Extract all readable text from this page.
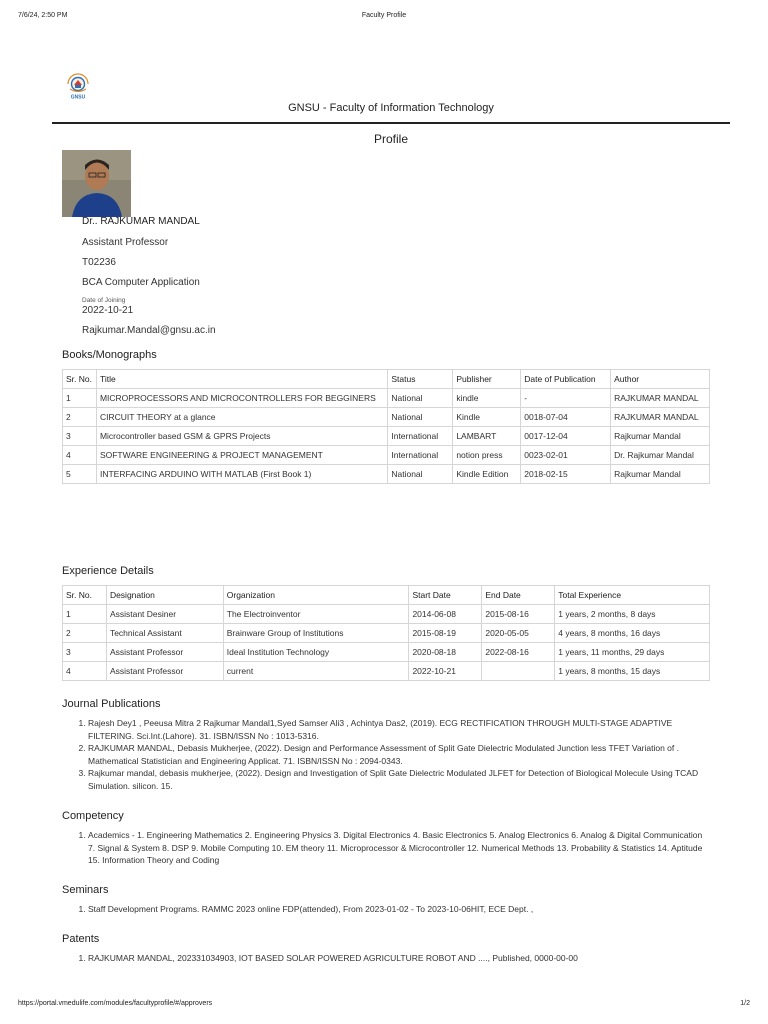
7/6/24, 2:50 PM	Faculty Profile
GNSU
GNSU - Faculty of Information Technology
Profile
Dr.. RAJKUMAR MANDAL
Assistant Professor
T02236
BCA Computer Application
Date of Joining
2022-10-21
Rajkumar.Mandal@gnsu.ac.in
Books/Monographs
Sr. No.	Title	Status	Publisher	Date of Publication	Author
1	MICROPROCESSORS AND MICROCONTROLLERS FOR BEGGINERS	National	kindle	-	RAJKUMAR MANDAL
2	CIRCUIT THEORY at a glance	National	Kindle	0018-07-04	RAJKUMAR MANDAL
3	Microcontroller based GSM & GPRS Projects	International	LAMBART	0017-12-04	Rajkumar Mandal
4	SOFTWARE ENGINEERING & PROJECT MANAGEMENT	International	notion press	0023-02-01	Dr. Rajkumar Mandal
5	INTERFACING ARDUINO WITH MATLAB (First Book 1)	National	Kindle Edition	2018-02-15	Rajkumar Mandal
Experience Details
Sr. No.	Designation	Organization	Start Date	End Date	Total Experience
1	Assistant Desiner	The Electroinventor	2014-06-08	2015-08-16	1 years, 2 months, 8 days
2	Technical Assistant	Brainware Group of Institutions	2015-08-19	2020-05-05	4 years, 8 months, 16 days
3	Assistant Professor	Ideal Institution Technology	2020-08-18	2022-08-16	1 years, 11 months, 29 days
4	Assistant Professor	current	2022-10-21		1 years, 8 months, 15 days
Journal Publications
1. Rajesh Dey1 , Peeusa Mitra 2 Rajkumar Mandal1,Syed Samser Ali3 , Achintya Das2, (2019). ECG RECTIFICATION THROUGH MULTI-STAGE ADAPTIVE FILTERING. Sci.Int.(Lahore). 31. ISBN/ISSN No : 1013-5316.
2. RAJKUMAR MANDAL, Debasis Mukherjee, (2022). Design and Performance Assessment of Split Gate Dielectric Modulated Junction less TFET Variation of . Mathematical Statistician and Engineering Applicat. 71. ISBN/ISSN No : 2094-0343.
3. Rajkumar mandal, debasis mukherjee, (2022). Design and Investigation of Split Gate Dielectric Modulated JLFET for Detection of Biological Molecule Using TCAD Simulation. silicon. 15.
Competency
1. Academics - 1. Engineering Mathematics 2. Engineering Physics 3. Digital Electronics 4. Basic Electronics 5. Analog Electronics 6. Analog & Digital Communication 7. Signal & System 8. DSP 9. Mobile Computing 10. EM theory 11. Microprocessor & Microcontroller 12. Numerical Methods 13. Probability & Statistics 14. Aptitude 15. Information Theory and Coding
Seminars
1. Staff Development Programs. RAMMC 2023 online FDP(attended), From 2023-01-02 - To 2023-10-06HIT, ECE Dept. ,
Patents
1. RAJKUMAR MANDAL, 202331034903, IOT BASED SOLAR POWERED AGRICULTURE ROBOT AND ...., Published, 0000-00-00
https://portal.vmedulife.com/modules/facultyprofile/#/approvers	1/2
